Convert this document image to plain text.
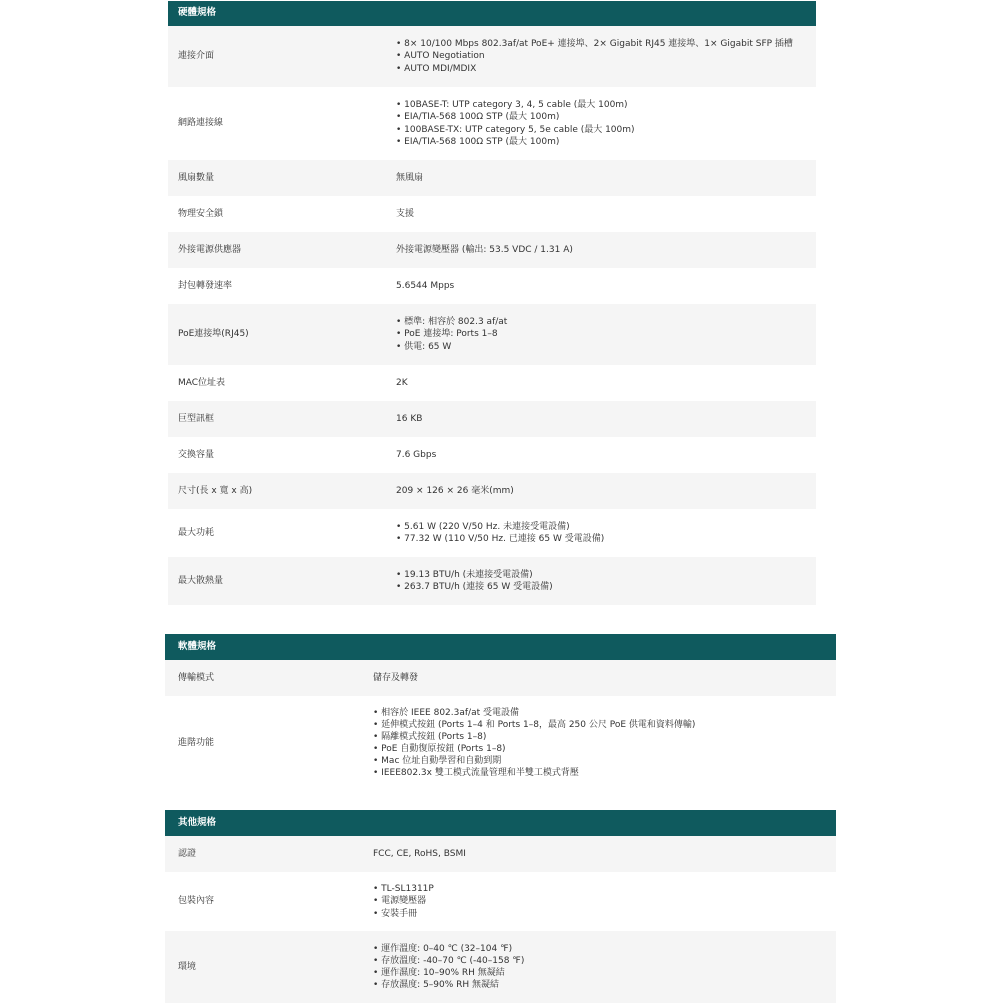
硬體規格
連接介面
• 8× 10/100 Mbps 802.3af/at PoE+ 連接埠、2× Gigabit RJ45 連接埠、1× Gigabit SFP 插槽
• AUTO Negotiation
• AUTO MDI/MDIX
網路連接線
• 10BASE-T: UTP category 3, 4, 5 cable (最大 100m)
• EIA/TIA-568 100Ω STP (最大 100m)
• 100BASE-TX: UTP category 5, 5e cable (最大 100m)
• EIA/TIA-568 100Ω STP (最大 100m)
風扇數量	無風扇
物理安全鎖	支援
外接電源供應器	外接電源變壓器 (輸出: 53.5 VDC / 1.31 A)
封包轉發速率	5.6544 Mpps
PoE連接埠(RJ45)
• 標準: 相容於 802.3 af/at
• PoE 連接埠: Ports 1–8
• 供電: 65 W
MAC位址表	2K
巨型訊框	16 KB
交換容量	7.6 Gbps
尺寸(長 x 寬 x 高)	209 × 126 × 26 毫米(mm)
最大功耗
• 5.61 W (220 V/50 Hz. 未連接受電設備)
• 77.32 W (110 V/50 Hz. 已連接 65 W 受電設備)
最大散熱量
• 19.13 BTU/h (未連接受電設備)
• 263.7 BTU/h (連接 65 W 受電設備)
軟體規格
傳輸模式	儲存及轉發
進階功能
• 相容於 IEEE 802.3af/at 受電設備
• 延伸模式按鈕 (Ports 1–4 和 Ports 1–8，最高 250 公尺 PoE 供電和資料傳輸)
• 隔離模式按鈕 (Ports 1–8)
• PoE 自動復原按鈕 (Ports 1–8)
• Mac 位址自動學習和自動到期
• IEEE802.3x 雙工模式流量管理和半雙工模式背壓
其他規格
認證	FCC, CE, RoHS, BSMI
包裝內容
• TL-SL1311P
• 電源變壓器
• 安裝手冊
環境
• 運作溫度: 0–40 ℃ (32–104 ℉)
• 存放溫度: -40–70 ℃ (-40–158 ℉)
• 運作濕度: 10–90% RH 無凝結
• 存放濕度: 5–90% RH 無凝結
